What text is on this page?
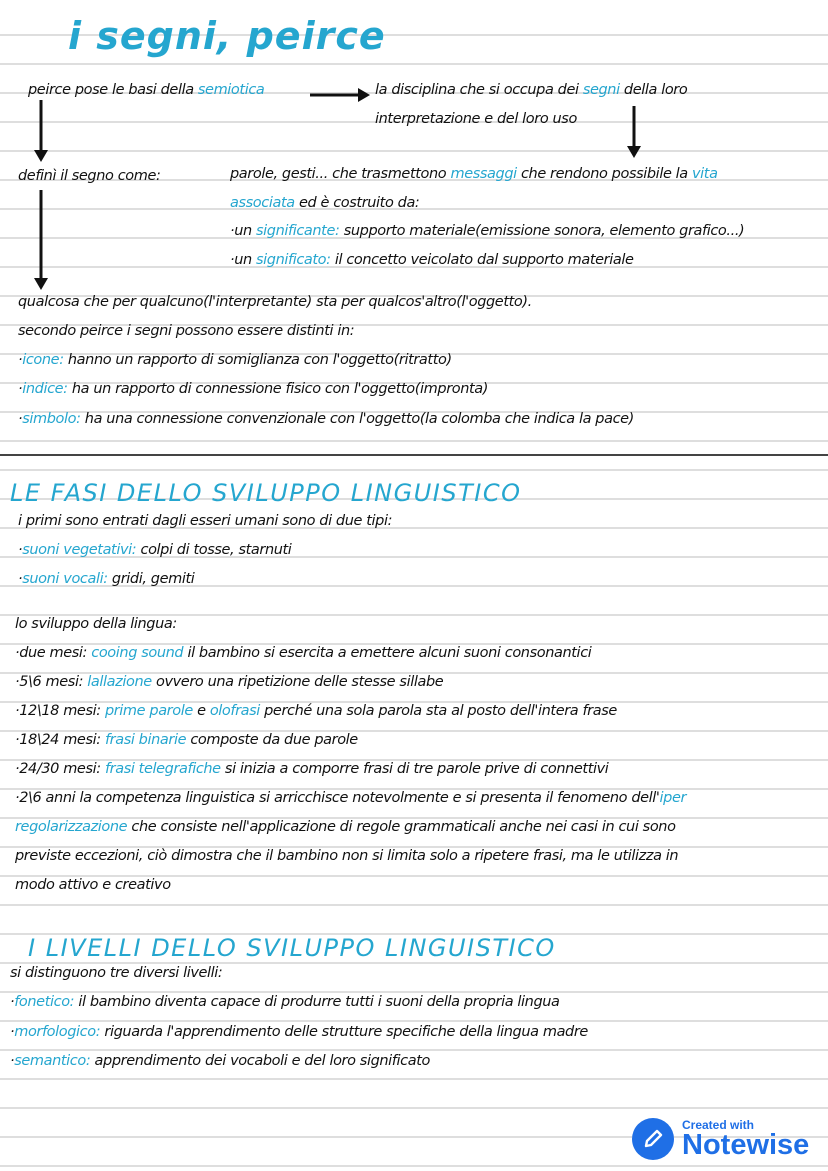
i segni, peirce
peirce pose le basi della semiotica	la disciplina che si occupa dei segni della loro
interpretazione e del loro uso
definì il segno come:	parole, gesti... che trasmettono messaggi che rendono possibile la vita
associata ed è costruito da:
·un significante: supporto materiale(emissione sonora, elemento grafico...)
·un significato: il concetto veicolato dal supporto materiale
qualcosa che per qualcuno(l'interpretante) sta per qualcos'altro(l'oggetto).
secondo peirce i segni possono essere distinti in:
·icone: hanno un rapporto di somiglianza con l'oggetto(ritratto)
·indice: ha un rapporto di connessione fisico con l'oggetto(impronta)
·simbolo: ha una connessione convenzionale con l'oggetto(la colomba che indica la pace)
LE FASI DELLO SVILUPPO LINGUISTICO
i primi sono entrati dagli esseri umani sono di due tipi:
·suoni vegetativi: colpi di tosse, starnuti
·suoni vocali: gridi, gemiti
lo sviluppo della lingua:
·due mesi: cooing sound il bambino si esercita a emettere alcuni suoni consonantici
·5\6 mesi: lallazione ovvero una ripetizione delle stesse sillabe
·12\18 mesi: prime parole e olofrasi perché una sola parola sta al posto dell'intera frase
·18\24 mesi: frasi binarie composte da due parole
·24/30 mesi: frasi telegrafiche si inizia a comporre frasi di tre parole prive di connettivi
·2\6 anni la competenza linguistica si arricchisce notevolmente e si presenta il fenomeno dell'iper
regolarizzazione che consiste nell'applicazione di regole grammaticali anche nei casi in cui sono
previste eccezioni, ciò dimostra che il bambino non si limita solo a ripetere frasi, ma le utilizza in
modo attivo e creativo
I LIVELLI DELLO SVILUPPO LINGUISTICO
si distinguono tre diversi livelli:
·fonetico: il bambino diventa capace di produrre tutti i suoni della propria lingua
·morfologico: riguarda l'apprendimento delle strutture specifiche della lingua madre
·semantico: apprendimento dei vocaboli e del loro significato
Created with
Notewise
